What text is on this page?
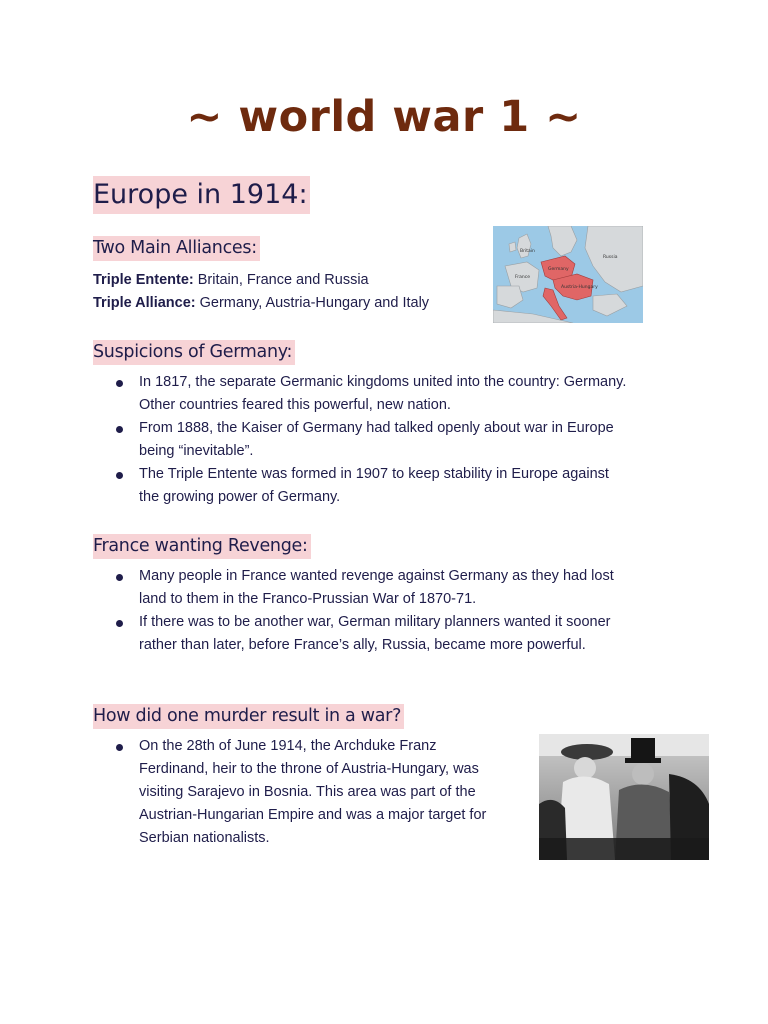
~ world war 1 ~
Europe in 1914:
Two Main Alliances:

Triple Entente: Britain, France and Russia

Triple Alliance: Germany, Austria-Hungary and Italy

Britain
Germany
Russia
France
Austria-Hungary
Suspicions of Germany:
In 1817, the separate Germanic kingdoms united into the country: Germany.
Other countries feared this powerful, new nation.
From 1888, the Kaiser of Germany had talked openly about war in Europe
being “inevitable”.
The Triple Entente was formed in 1907 to keep stability in Europe against
the growing power of Germany.
France wanting Revenge:
Many people in France wanted revenge against Germany as they had lost
land to them in the Franco-Prussian War of 1870-71.
If there was to be another war, German military planners wanted it sooner
rather than later, before France’s ally, Russia, became more powerful.
How did one murder result in a war?
On the 28th of June 1914, the Archduke Franz
Ferdinand, heir to the throne of Austria-Hungary, was
visiting Sarajevo in Bosnia. This area was part of the
Austrian-Hungarian Empire and was a major target for
Serbian nationalists.
